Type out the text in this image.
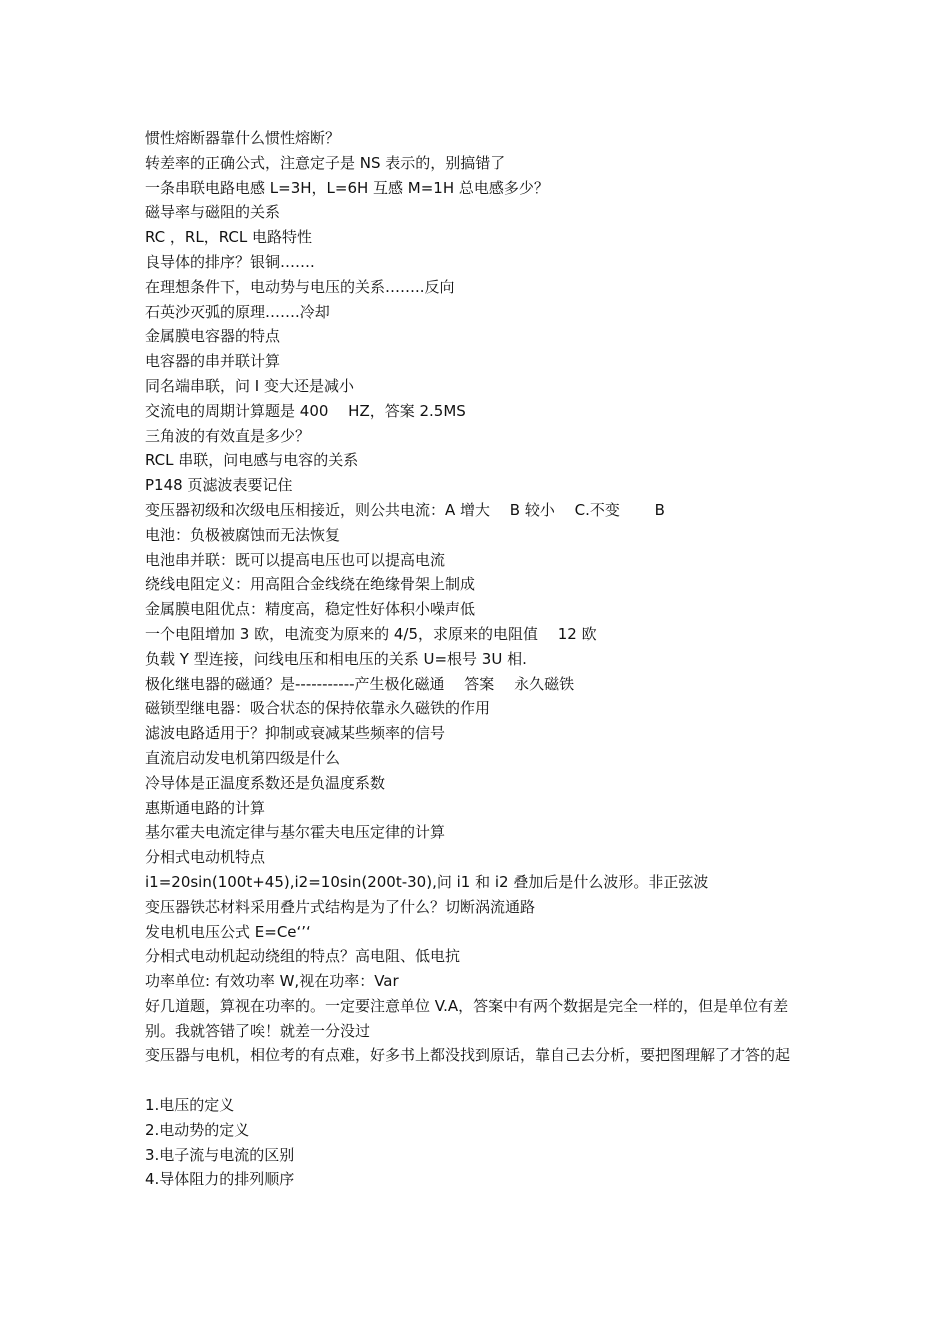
惯性熔断器靠什么惯性熔断？
转差率的正确公式，注意定子是 NS 表示的，别搞错了
一条串联电路电感 L=3H，L=6H 互感 M=1H 总电感多少？
磁导率与磁阻的关系
RC ，RL，RCL 电路特性
良导体的排序？银铜…….
在理想条件下，电动势与电压的关系……..反向
石英沙灭弧的原理…….冷却
金属膜电容器的特点
电容器的串并联计算
同名端串联，问 I 变大还是减小
交流电的周期计算题是 400　 HZ，答案 2.5MS
三角波的有效直是多少？
RCL 串联，问电感与电容的关系
P148 页滤波表要记住
变压器初级和次级电压相接近，则公共电流：A 增大　 B 较小　 C.不变　　 B
电池：负极被腐蚀而无法恢复
电池串并联：既可以提高电压也可以提高电流
绕线电阻定义：用高阻合金线绕在绝缘骨架上制成
金属膜电阻优点：精度高，稳定性好体积小噪声低
一个电阻增加 3 欧，电流变为原来的 4/5，求原来的电阻值　 12 欧
负载 Y 型连接，问线电压和相电压的关系 U=根号 3U 相.
极化继电器的磁通？是-----------产生极化磁通　 答案　 永久磁铁
磁锁型继电器：吸合状态的保持依靠永久磁铁的作用
滤波电路适用于？抑制或衰减某些频率的信号
直流启动发电机第四级是什么
冷导体是正温度系数还是负温度系数
惠斯通电路的计算
基尔霍夫电流定律与基尔霍夫电压定律的计算
分相式电动机特点
i1=20sin(100t+45),i2=10sin(200t-30),问 i1 和 i2 叠加后是什么波形。非正弦波
变压器铁芯材料采用叠片式结构是为了什么？切断涡流通路
发电机电压公式 E=Ce‘’‘
分相式电动机起动绕组的特点？高电阻、低电抗
功率单位: 有效功率 W,视在功率：Var
好几道题，算视在功率的。一定要注意单位 V.A，答案中有两个数据是完全一样的，但是单位有差别。我就答错了唉！就差一分没过
变压器与电机，相位考的有点难，好多书上都没找到原话，靠自己去分析，要把图理解了才答的起
1.电压的定义
2.电动势的定义
3.电子流与电流的区别
4.导体阻力的排列顺序
